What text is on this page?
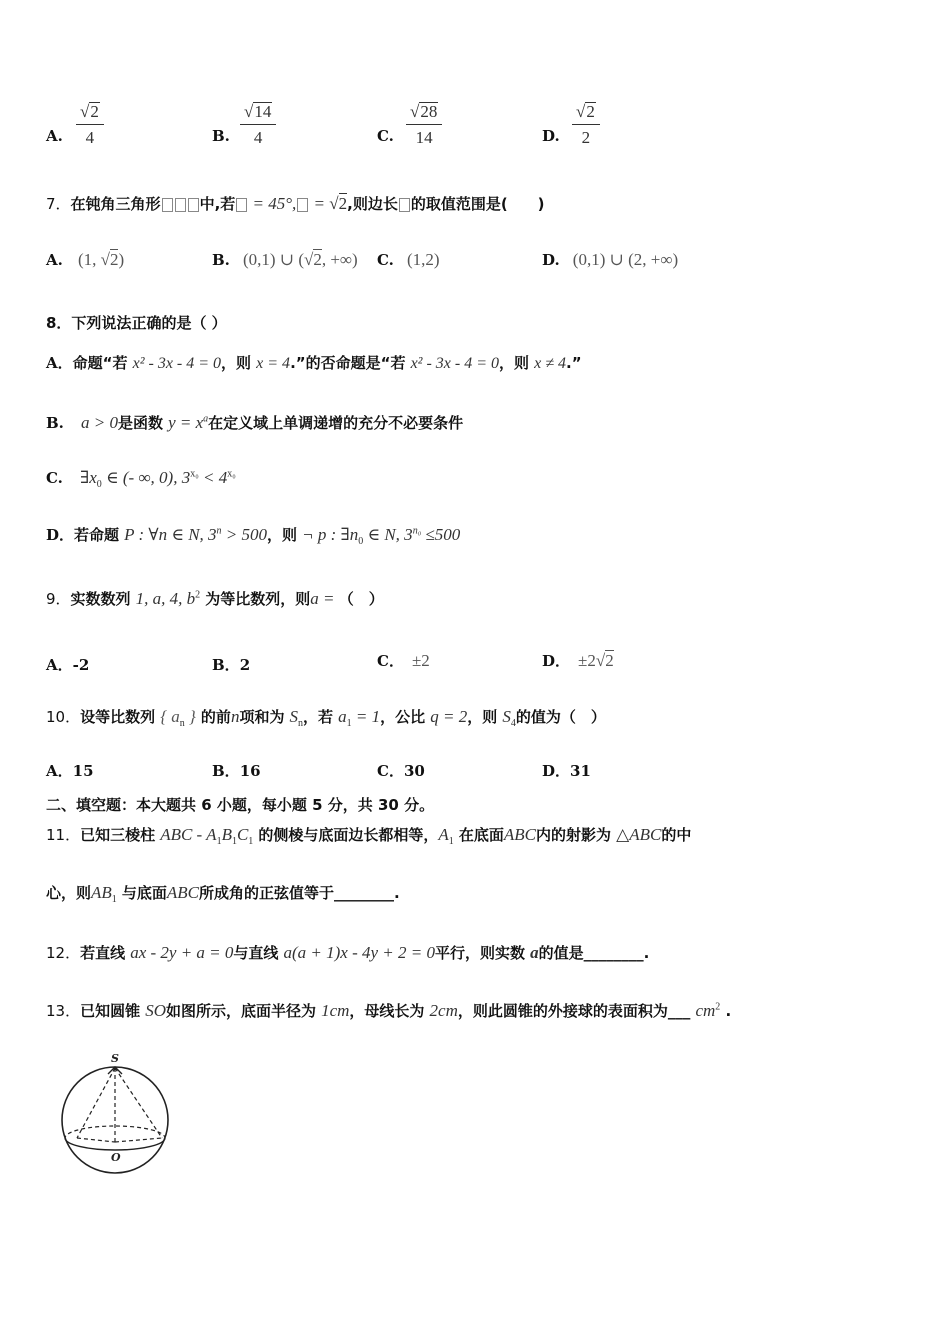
A. $\frac{√ 2}{4}$	B. $\frac{√ 14}{4}$	C. $\frac{√ 28}{14}$	D. $\frac{√ 2}{2}$
7．在钝角三角形	中,若 = 45°, = √2,则边长 的取值范围是(　　)
A. (1, √2)	B. (0,1) ∪ (√2, +∞) C. (1,2)	D. (0,1) ∪ (2, +∞)
8．下列说法正确的是（ ）
A．命题“若 x² - 3x - 4 = 0，则 x = 4.”的否命题是“若 x² - 3x - 4 = 0，则 x ≠ 4.”
B. a > 0是函数 $y = x^a$在定义域上单调递增的充分不必要条件
C. $\exists x_0$ ∈ (- ∞, 0), $3^{x_0} < 4^{x_0}$
D．若命题 P : ∀n ∈ N, $3^n > 500$，则 ¬ p : $\exists n_0$ ∈ N, $3^{n_0} \le 500$
9．实数数列 1, a, 4, $b^2$ 为等比数列，则a = （　）
A．-2	B．2	C． ±2	D． ±2√2
10．设等比数列 { $a_n$ } 的前n项和为 $S_n$，若 $a_1 = 1$，公比 q = 2，则 $S_4$的值为（　）
A．15	B．16	C．30	D．31
二、填空题：本大题共 6 小题，每小题 5 分，共 30 分。
11．已知三棱柱 ABC - $A_1B_1C_1$ 的侧棱与底面边长都相等，$A_1$ 在底面ABC内的射影为 △ABC的中
心，则$AB_1$ 与底面ABC所成角的正弦值等于________.
12．若直线 ax - 2y + a = 0与直线 a(a + 1)x - 4y + 2 = 0平行，则实数 a的值是________.
13．已知圆锥 SO如图所示，底面半径为 1cm，母线长为 2cm，则此圆锥的外接球的表面积为___ $cm^2$ .
S
O
